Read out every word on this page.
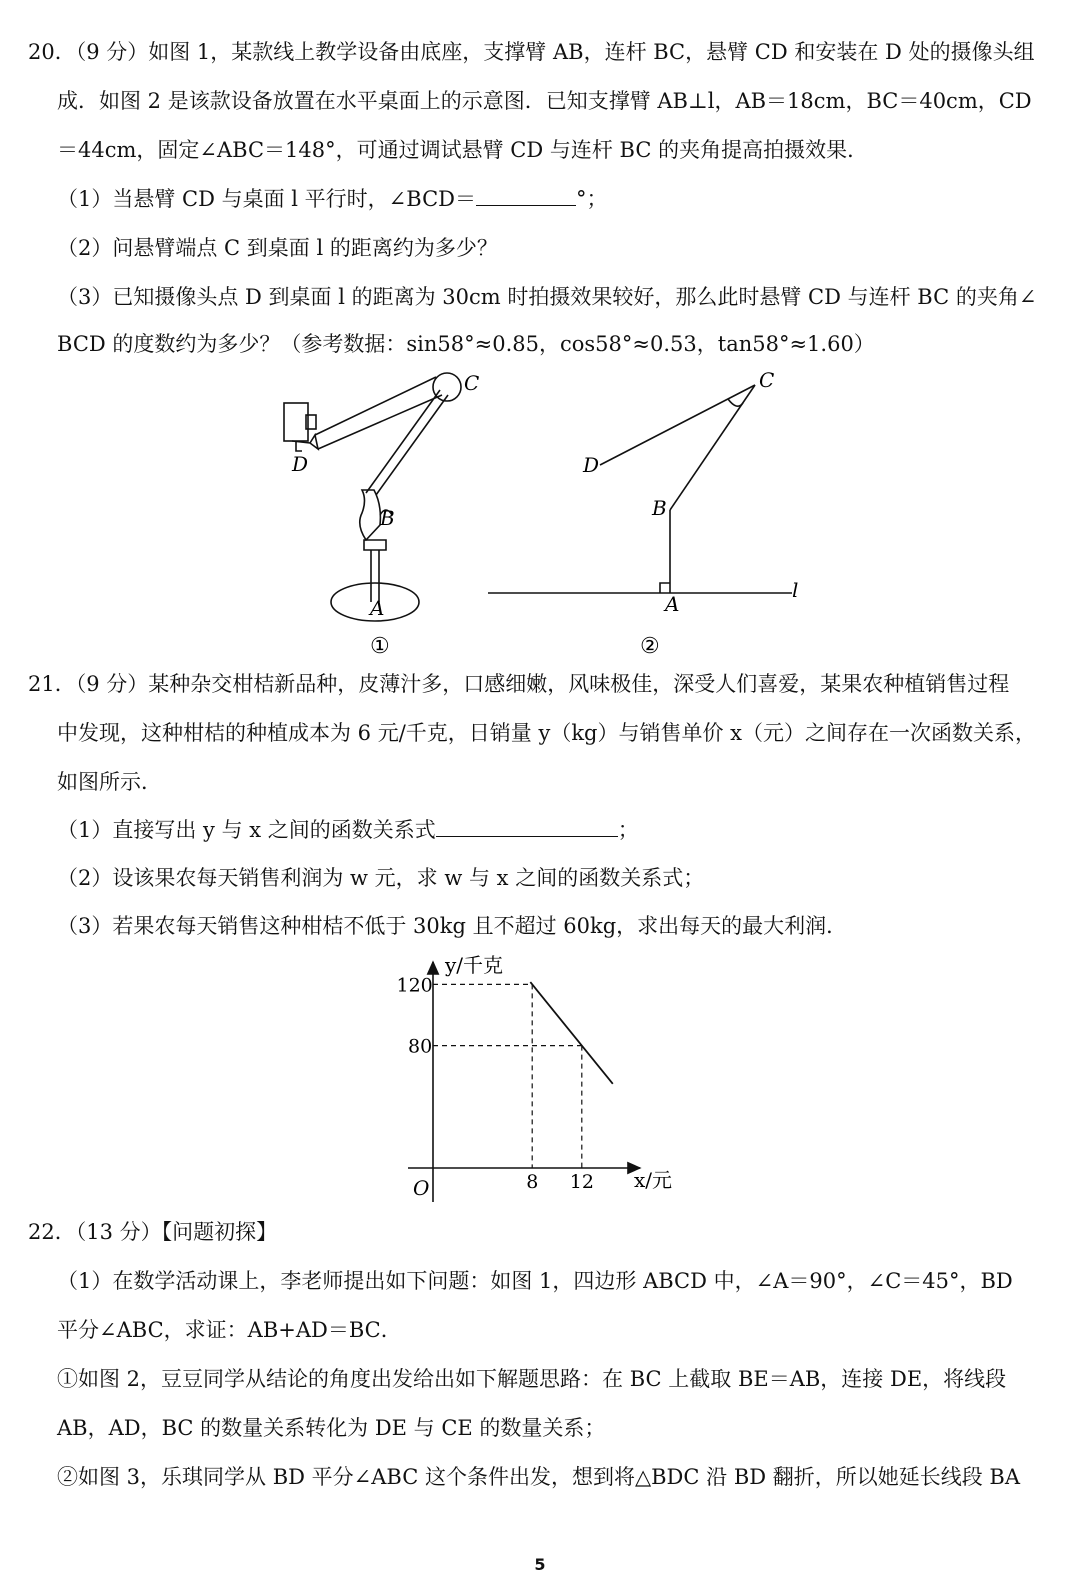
20．（9 分）如图 1，某款线上教学设备由底座，支撑臂 AB，连杆 BC，悬臂 CD 和安装在 D 处的摄像头组
成．如图 2 是该款设备放置在水平桌面上的示意图．已知支撑臂 AB⊥l，AB＝18cm，BC＝40cm，CD
＝44cm，固定∠ABC＝148°，可通过调试悬臂 CD 与连杆 BC 的夹角提高拍摄效果．
（1）当悬臂 CD 与桌面 l 平行时，∠BCD＝	°；
（2）问悬臂端点 C 到桌面 l 的距离约为多少？
（3）已知摄像头点 D 到桌面 l 的距离为 30cm 时拍摄效果较好，那么此时悬臂 CD 与连杆 BC 的夹角∠
BCD 的度数约为多少？（参考数据：sin58°≈0.85，cos58°≈0.53，tan58°≈1.60）
C
D
B
A
①
C
D
B
A
l
②
21．（9 分）某种杂交柑桔新品种，皮薄汁多，口感细嫩，风味极佳，深受人们喜爱，某果农种植销售过程
中发现，这种柑桔的种植成本为 6 元/千克，日销量 y（kg）与销售单价 x（元）之间存在一次函数关系，
如图所示．
（1）直接写出 y 与 x 之间的函数关系式	；
（2）设该果农每天销售利润为 w 元，求 w 与 x 之间的函数关系式；
（3）若果农每天销售这种柑桔不低于 30kg 且不超过 60kg，求出每天的最大利润．
y/千克
x/元
O	8
120
12
80
22．（13 分）【问题初探】
（1）在数学活动课上，李老师提出如下问题：如图 1，四边形 ABCD 中，∠A＝90°，∠C＝45°，BD
平分∠ABC，求证：AB+AD＝BC．
①如图 2，豆豆同学从结论的角度出发给出如下解题思路：在 BC 上截取 BE＝AB，连接 DE，将线段
AB，AD，BC 的数量关系转化为 DE 与 CE 的数量关系；
②如图 3，乐琪同学从 BD 平分∠ABC 这个条件出发，想到将△BDC 沿 BD 翻折，所以她延长线段 BA
5
